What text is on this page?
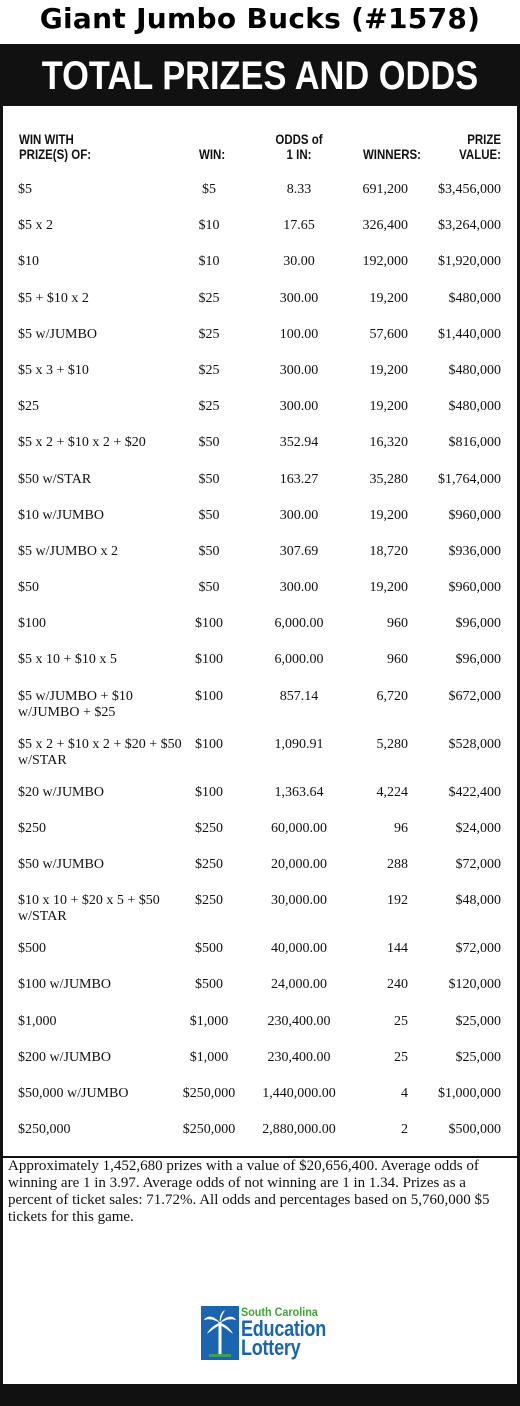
Giant Jumbo Bucks (#1578)
TOTAL PRIZES AND ODDS
WIN WITH
PRIZE(S) OF:	WIN:
ODDS of
1 IN:	WINNERS:
PRIZE
VALUE:
$5	$5	8.33	691,200	$3,456,000
$5 x 2	$10	17.65	326,400	$3,264,000
$10	$10	30.00	192,000	$1,920,000
$5 + $10 x 2	$25	300.00	19,200	$480,000
$5 w/JUMBO	$25	100.00	57,600	$1,440,000
$5 x 3 + $10	$25	300.00	19,200	$480,000
$25	$25	300.00	19,200	$480,000
$5 x 2 + $10 x 2 + $20	$50	352.94	16,320	$816,000
$50 w/STAR	$50	163.27	35,280	$1,764,000
$10 w/JUMBO	$50	300.00	19,200	$960,000
$5 w/JUMBO x 2	$50	307.69	18,720	$936,000
$50	$50	300.00	19,200	$960,000
$100	$100	6,000.00	960	$96,000
$5 x 10 + $10 x 5	$100	6,000.00	960	$96,000
$5 w/JUMBO + $10 w/JUMBO + $25
$100	857.14	6,720	$672,000
$5 x 2 + $10 x 2 + $20 + $50 w/STAR
$100	1,090.91	5,280	$528,000
$20 w/JUMBO	$100	1,363.64	4,224	$422,400
$250	$250	60,000.00	96	$24,000
$50 w/JUMBO	$250	20,000.00	288	$72,000
$10 x 10 + $20 x 5 + $50 w/STAR
$250	30,000.00	192	$48,000
$500	$500	40,000.00	144	$72,000
$100 w/JUMBO	$500	24,000.00	240	$120,000
$1,000	$1,000	230,400.00	25	$25,000
$200 w/JUMBO	$1,000	230,400.00	25	$25,000
$50,000 w/JUMBO	$250,000	1,440,000.00	4	$1,000,000
$250,000	$250,000	2,880,000.00	2	$500,000
Approximately 1,452,680 prizes with a value of $20,656,400. Average odds of winning are 1 in 3.97. Average odds of not winning are 1 in 1.34. Prizes as a percent of ticket sales: 71.72%. All odds and percentages based on 5,760,000 $5 tickets for this game.
South Carolina
Education
Lottery
